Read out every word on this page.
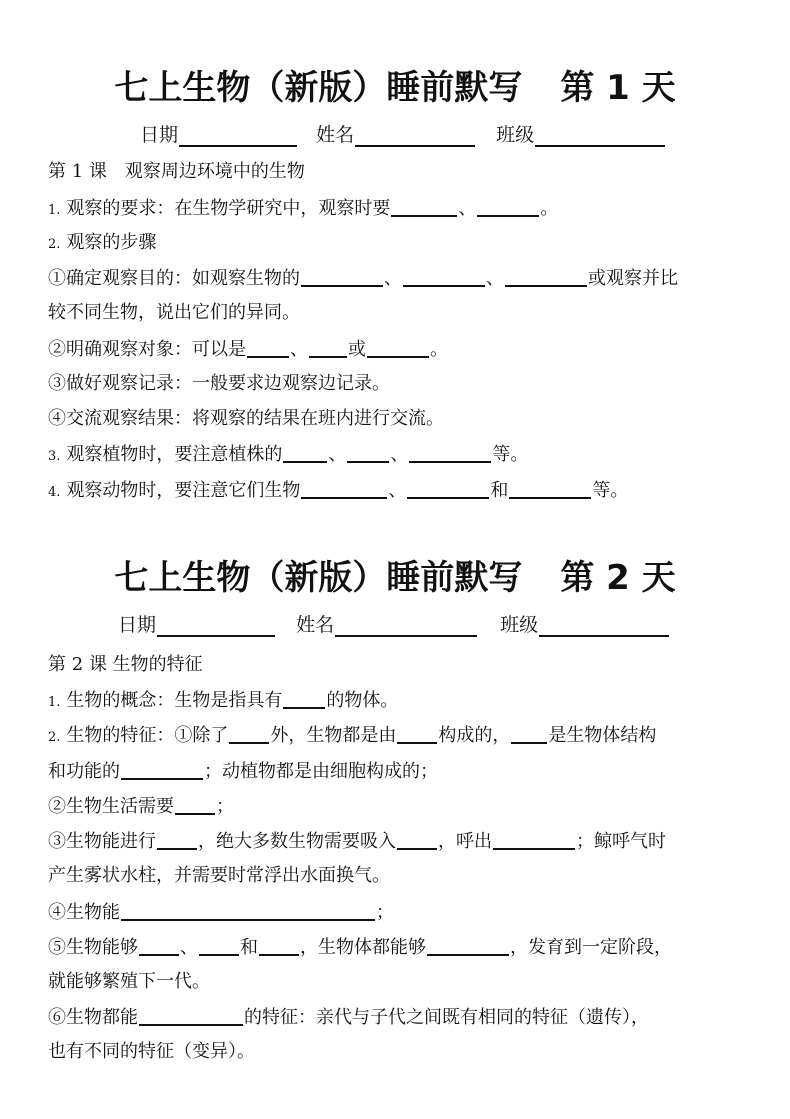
七上生物（新版）睡前默写 第 1 天
日期	姓名	班级
第 1 课　观察周边环境中的生物
1. 观察的要求：在生物学研究中，观察时要	、	。
2. 观察的步骤
①确定观察目的：如观察生物的	、	、	或观察并比
较不同生物，说出它们的异同。
②明确观察对象：可以是 、 或	。
③做好观察记录：一般要求边观察边记录。
④交流观察结果：将观察的结果在班内进行交流。
3. 观察植物时，要注意植株的	、 、	等。
4. 观察动物时，要注意它们生物	、	和	等。
七上生物（新版）睡前默写 第 2 天
日期	姓名	班级
第 2 课 生物的特征
1. 生物的概念：生物是指具有 的物体。
2. 生物的特征：①除了 外，生物都是由 构成的， 是生物体结构
和功能的	；动植物都是由细胞构成的；
②生物生活需要 ；
③生物能进行 ，绝大多数生物需要吸入 ，呼出	；鲸呼气时
产生雾状水柱，并需要时常浮出水面换气。
④生物能	；
⑤生物能够 、 和 ，生物体都能够	，发育到一定阶段，
就能够繁殖下一代。
⑥生物都能	的特征：亲代与子代之间既有相同的特征（遗传），
也有不同的特征（变异）。
